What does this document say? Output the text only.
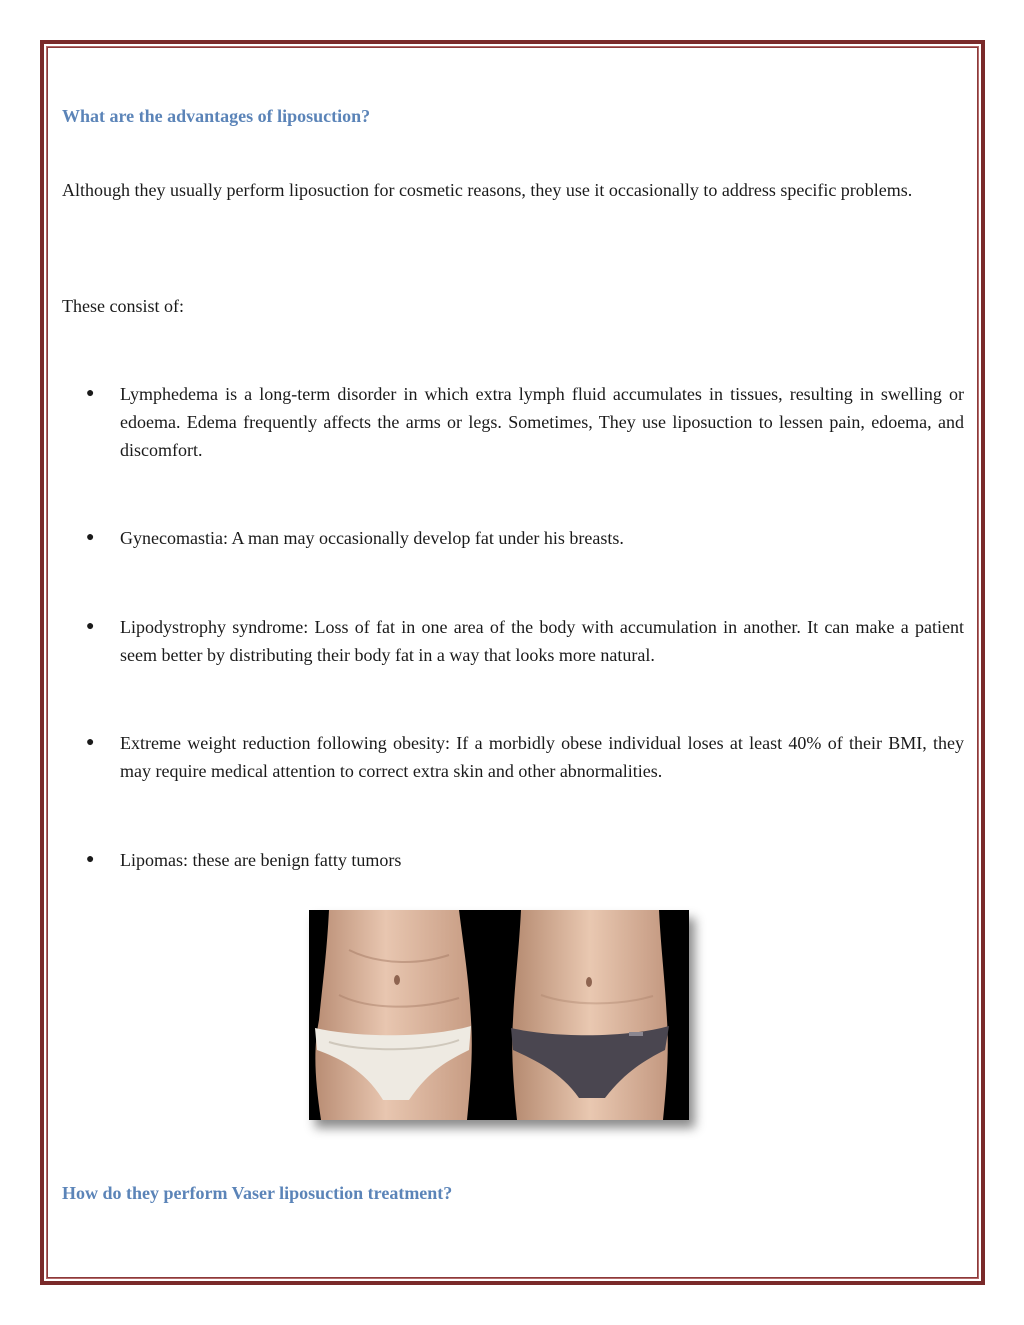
What are the advantages of liposuction?

Although they usually perform liposuction for cosmetic reasons, they use it occasionally to address specific problems.

These consist of:

●	Lymphedema is a long-term disorder in which extra lymph fluid accumulates in tissues, resulting in swelling or edoema. Edema frequently affects the arms or legs. Sometimes, They use liposuction to lessen pain, edoema, and discomfort.
●	Gynecomastia: A man may occasionally develop fat under his breasts.
●	Lipodystrophy syndrome: Loss of fat in one area of the body with accumulation in another. It can make a patient seem better by distributing their body fat in a way that looks more natural.
●	Extreme weight reduction following obesity: If a morbidly obese individual loses at least 40% of their BMI, they may require medical attention to correct extra skin and other abnormalities.
●	Lipomas: these are benign fatty tumors
How do they perform Vaser liposuction treatment?
